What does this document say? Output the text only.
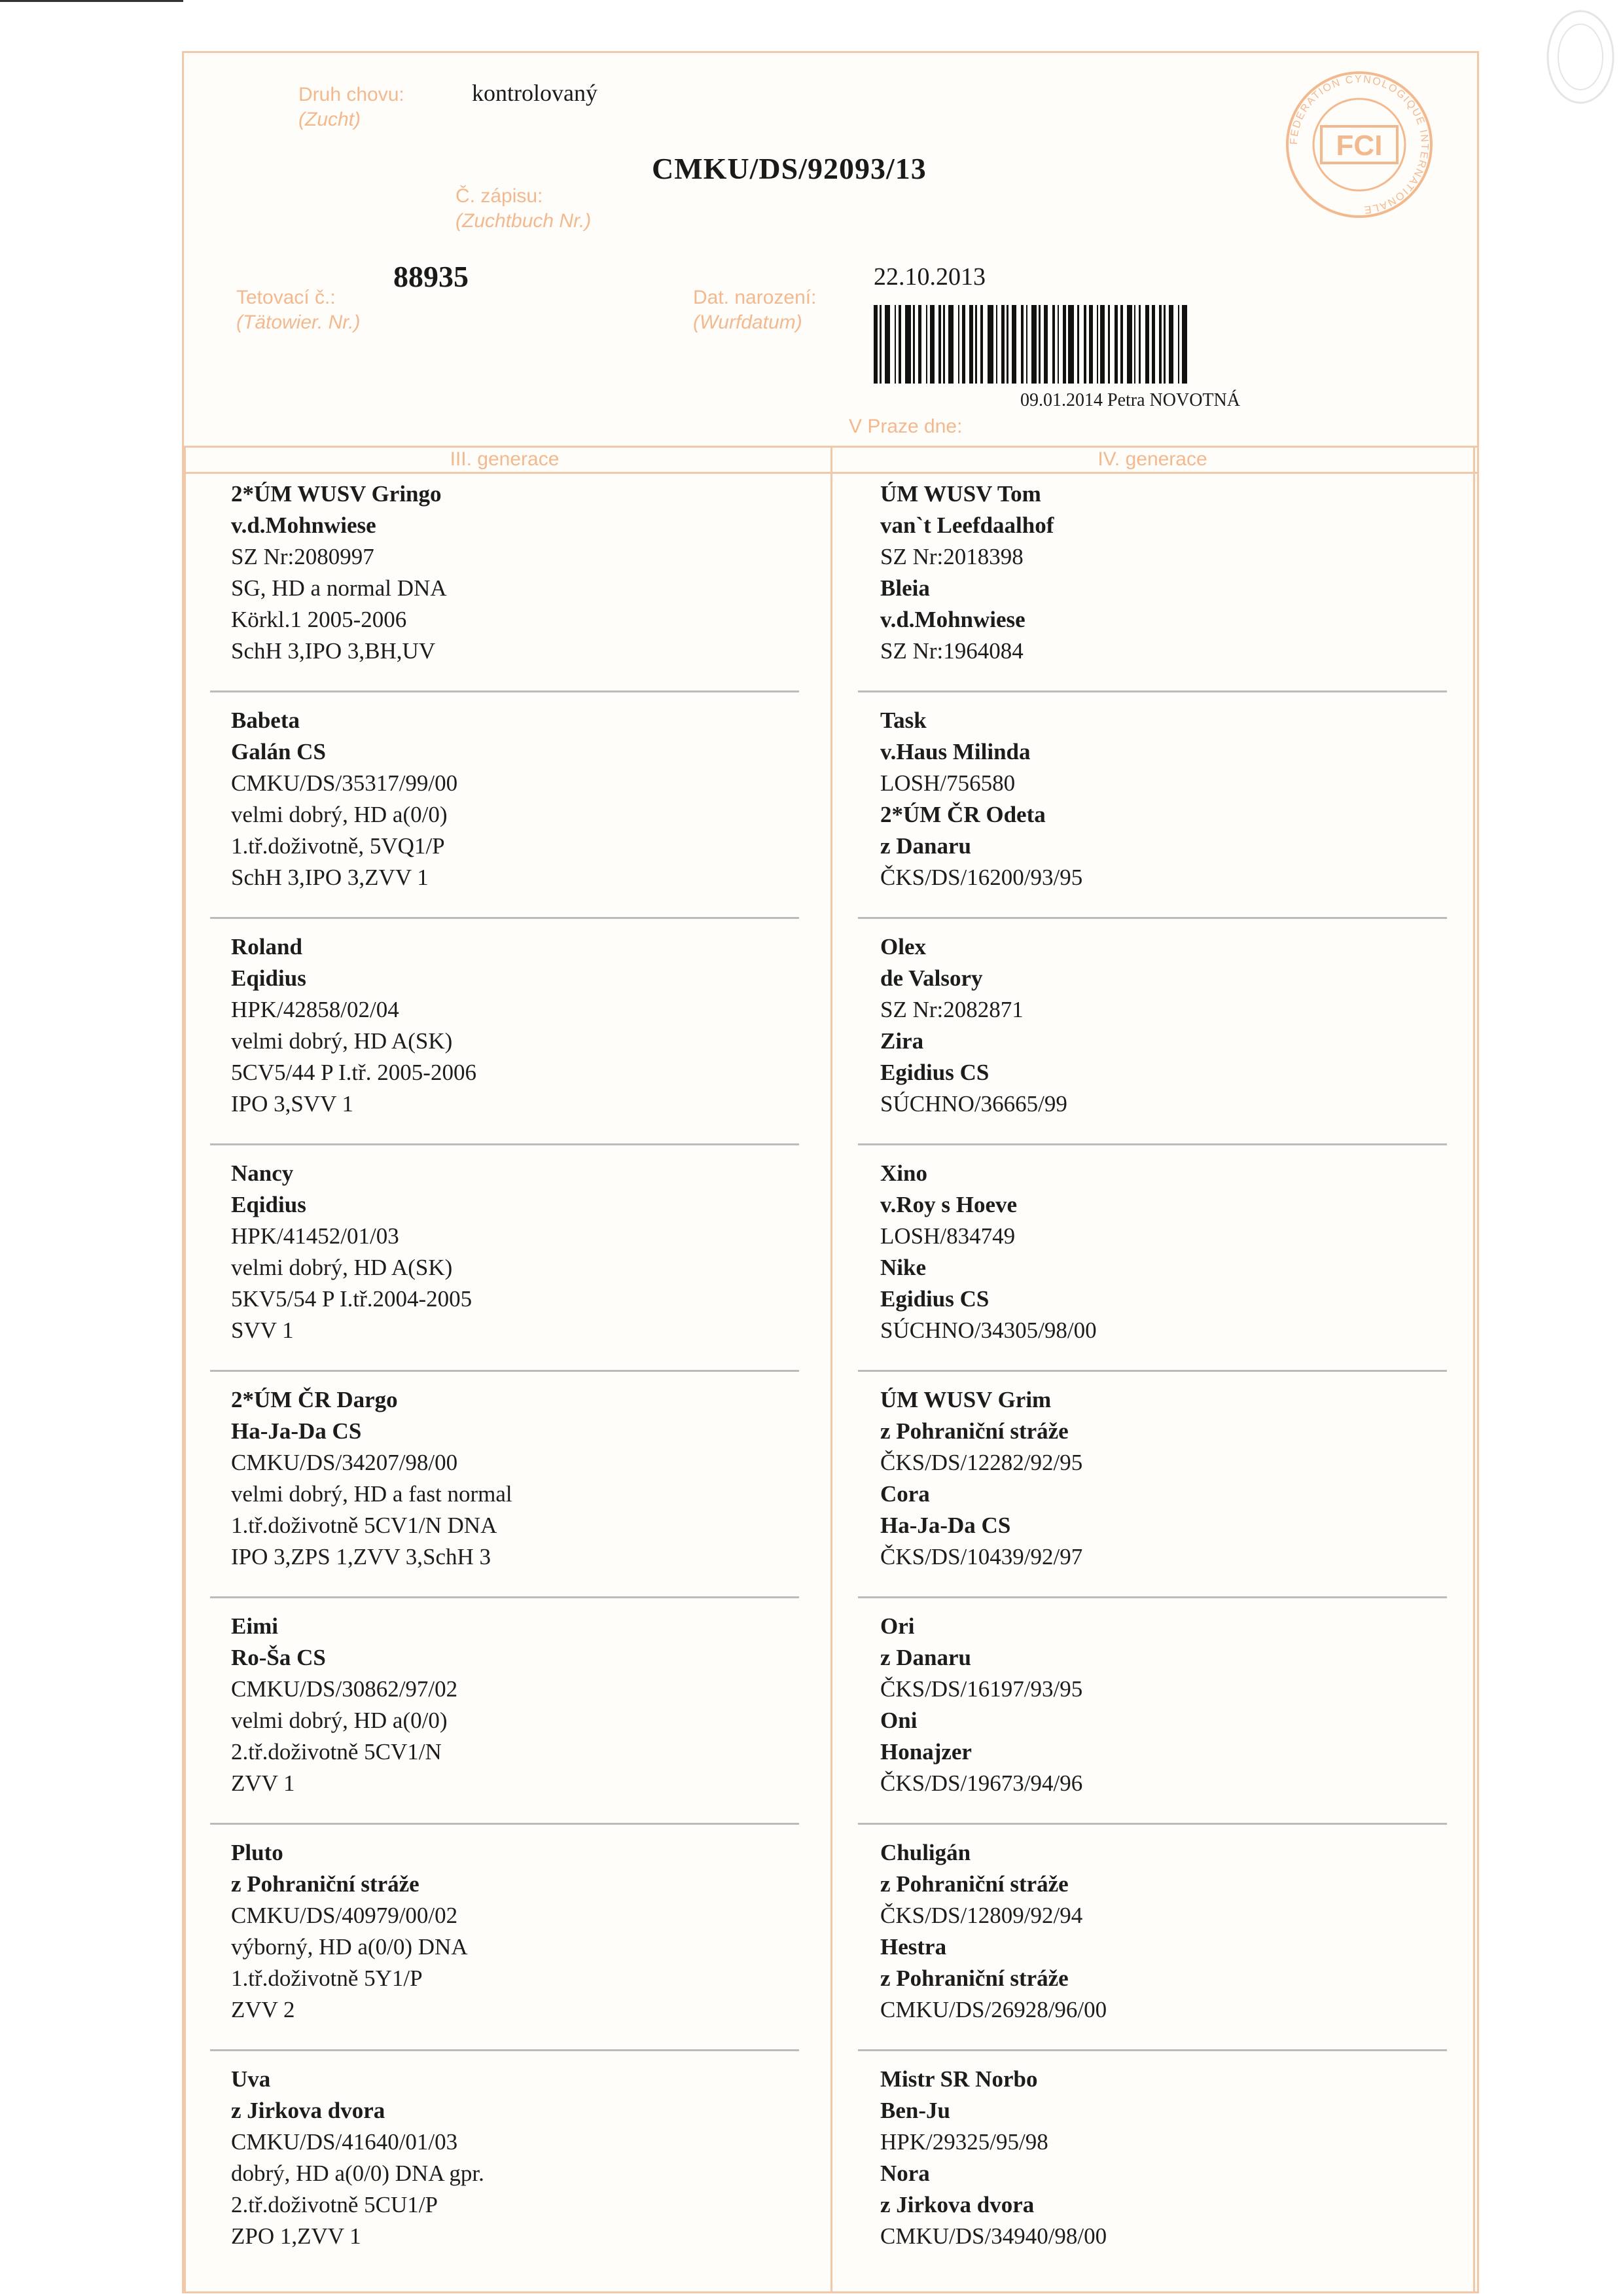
Druh chovu:
(Zucht)
kontrolovaný
Č. zápisu:
(Zuchtbuch Nr.)
CMKU/DS/92093/13
Tetovací č.:
(Tätowier. Nr.)
88935
Dat. narození:
(Wurfdatum)
22.10.2013
09.01.2014 Petra NOVOTNÁ
V Praze dne:
FCI
FEDERATION CYNOLOGIQUE INTERNATIONALE
III. generace	IV. generace
2*ÚM WUSV Gringo
v.d.Mohnwiese
SZ Nr:2080997
SG, HD a normal DNA
Körkl.1 2005-2006
SchH 3,IPO 3,BH,UV
ÚM WUSV Tom
van`t Leefdaalhof
SZ Nr:2018398
Bleia
v.d.Mohnwiese
SZ Nr:1964084
Babeta
Galán CS
CMKU/DS/35317/99/00
velmi dobrý, HD a(0/0)
1.tř.doživotně, 5VQ1/P
SchH 3,IPO 3,ZVV 1
Task
v.Haus Milinda
LOSH/756580
2*ÚM ČR Odeta
z Danaru
ČKS/DS/16200/93/95
Roland
Eqidius
HPK/42858/02/04
velmi dobrý, HD A(SK)
5CV5/44 P I.tř. 2005-2006
IPO 3,SVV 1
Olex
de Valsory
SZ Nr:2082871
Zira
Egidius CS
SÚCHNO/36665/99
Nancy
Eqidius
HPK/41452/01/03
velmi dobrý, HD A(SK)
5KV5/54 P I.tř.2004-2005
SVV 1
Xino
v.Roy s Hoeve
LOSH/834749
Nike
Egidius CS
SÚCHNO/34305/98/00
2*ÚM ČR Dargo
Ha-Ja-Da CS
CMKU/DS/34207/98/00
velmi dobrý, HD a fast normal
1.tř.doživotně 5CV1/N DNA
IPO 3,ZPS 1,ZVV 3,SchH 3
ÚM WUSV Grim
z Pohraniční stráže
ČKS/DS/12282/92/95
Cora
Ha-Ja-Da CS
ČKS/DS/10439/92/97
Eimi
Ro-Ša CS
CMKU/DS/30862/97/02
velmi dobrý, HD a(0/0)
2.tř.doživotně 5CV1/N
ZVV 1
Ori
z Danaru
ČKS/DS/16197/93/95
Oni
Honajzer
ČKS/DS/19673/94/96
Pluto
z Pohraniční stráže
CMKU/DS/40979/00/02
výborný, HD a(0/0) DNA
1.tř.doživotně 5Y1/P
ZVV 2
Chuligán
z Pohraniční stráže
ČKS/DS/12809/92/94
Hestra
z Pohraniční stráže
CMKU/DS/26928/96/00
Uva
z Jirkova dvora
CMKU/DS/41640/01/03
dobrý, HD a(0/0) DNA gpr.
2.tř.doživotně 5CU1/P
ZPO 1,ZVV 1
Mistr SR Norbo
Ben-Ju
HPK/29325/95/98
Nora
z Jirkova dvora
CMKU/DS/34940/98/00
